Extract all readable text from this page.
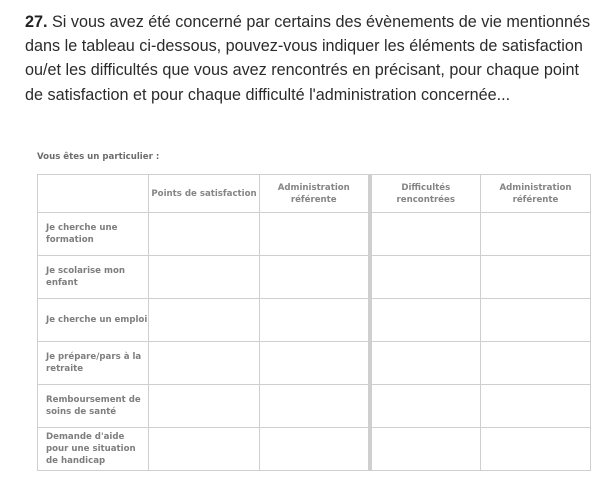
27. Si vous avez été concerné par certains des évènements de vie mentionnés dans le tableau ci-dessous, pouvez-vous indiquer les éléments de satisfaction ou/et les difficultés que vous avez rencontrés en précisant, pour chaque point de satisfaction et pour chaque difficulté l'administration concernée...
Vous êtes un particulier :
	Points de satisfaction	Administration référente	Difficultés rencontrées	Administration référente
Je cherche une formation				
Je scolarise mon enfant				
Je cherche un emploi				
Je prépare/pars à la retraite				
Remboursement de soins de santé				
Demande d'aide pour une situation de handicap				
